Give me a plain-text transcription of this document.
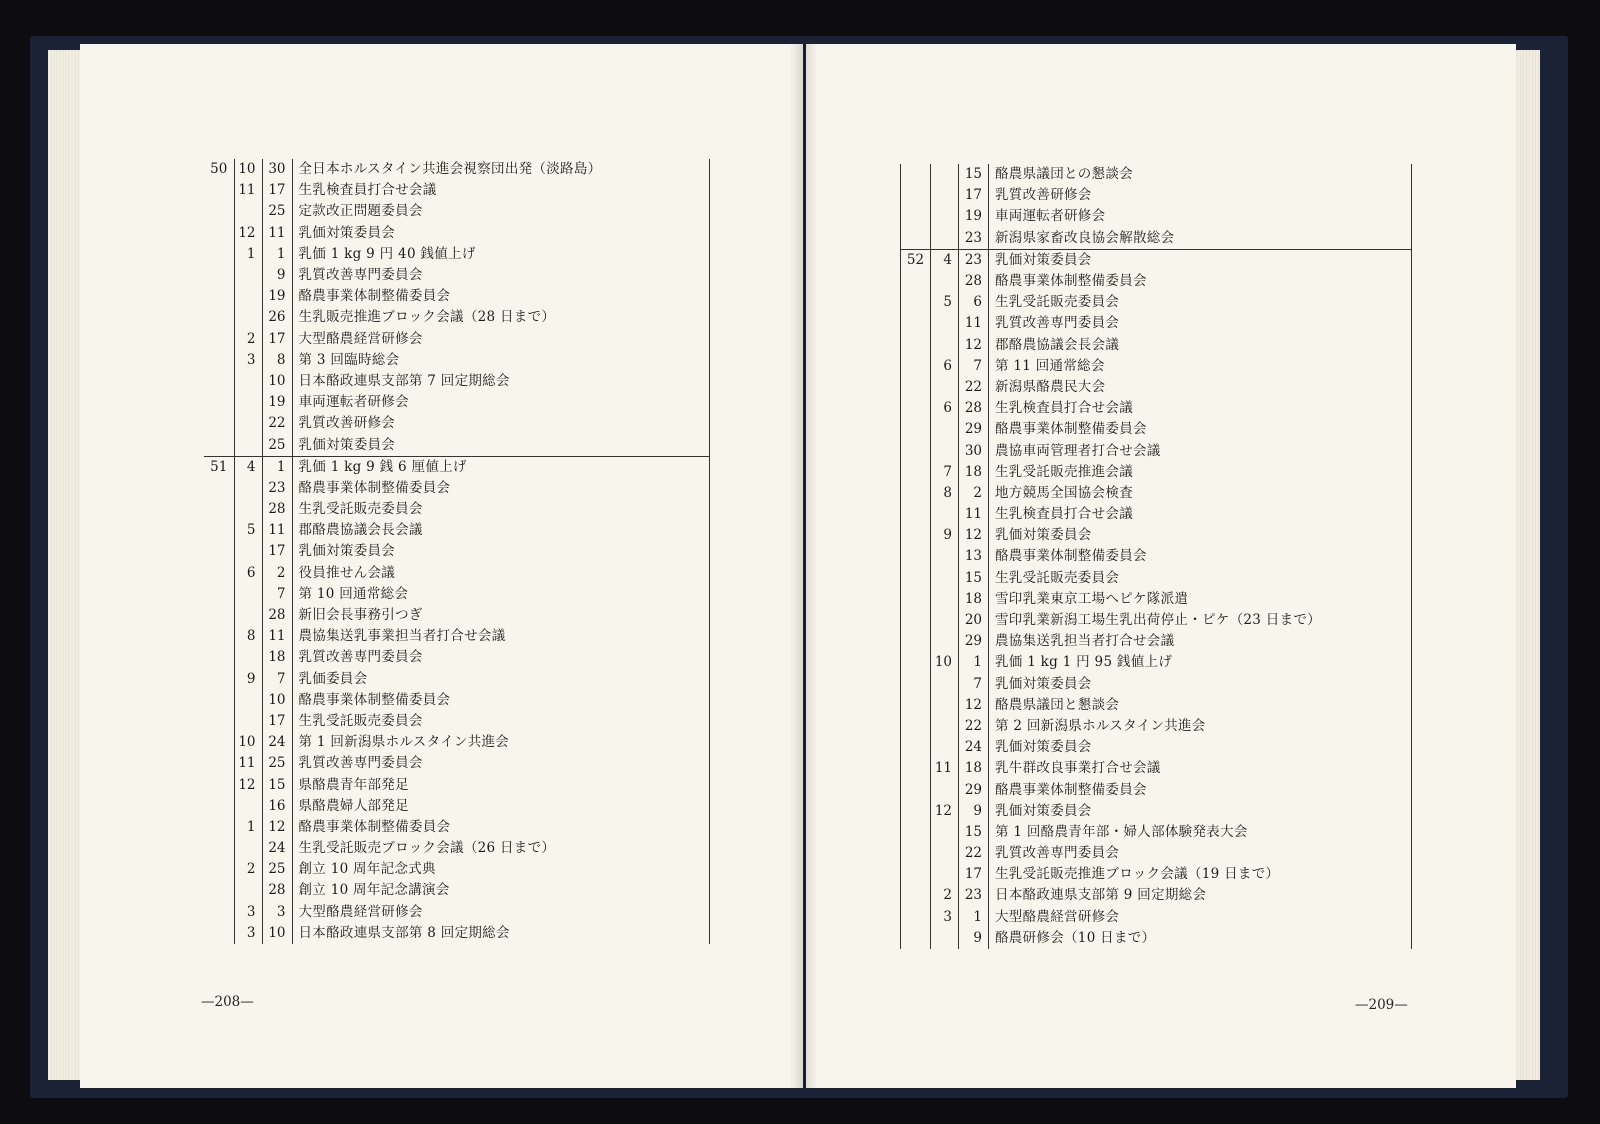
50	10	30	全日本ホルスタイン共進会視察団出発（淡路島）
	11	17	生乳検査員打合せ会議
		25	定款改正問題委員会
	12	11	乳価対策委員会
	1	1	乳価 1 kg 9 円 40 銭値上げ
		9	乳質改善専門委員会
		19	酪農事業体制整備委員会
		26	生乳販売推進ブロック会議（28 日まで）
	2	17	大型酪農経営研修会
	3	8	第 3 回臨時総会
		10	日本酪政連県支部第 7 回定期総会
		19	車両運転者研修会
		22	乳質改善研修会
		25	乳価対策委員会
51	4	1	乳価 1 kg 9 銭 6 厘値上げ
		23	酪農事業体制整備委員会
		28	生乳受託販売委員会
	5	11	郡酪農協議会長会議
		17	乳価対策委員会
	6	2	役員推せん会議
		7	第 10 回通常総会
		28	新旧会長事務引つぎ
	8	11	農協集送乳事業担当者打合せ会議
		18	乳質改善専門委員会
	9	7	乳価委員会
		10	酪農事業体制整備委員会
		17	生乳受託販売委員会
	10	24	第 1 回新潟県ホルスタイン共進会
	11	25	乳質改善専門委員会
	12	15	県酪農青年部発足
		16	県酪農婦人部発足
	1	12	酪農事業体制整備委員会
		24	生乳受託販売ブロック会議（26 日まで）
	2	25	創立 10 周年記念式典
		28	創立 10 周年記念講演会
	3	3	大型酪農経営研修会
	3	10	日本酪政連県支部第 8 回定期総会
		15	酪農県議団との懇談会
		17	乳質改善研修会
		19	車両運転者研修会
		23	新潟県家畜改良協会解散総会
52	4	23	乳価対策委員会
		28	酪農事業体制整備委員会
	5	6	生乳受託販売委員会
		11	乳質改善専門委員会
		12	郡酪農協議会長会議
	6	7	第 11 回通常総会
		22	新潟県酪農民大会
	6	28	生乳検査員打合せ会議
		29	酪農事業体制整備委員会
		30	農協車両管理者打合せ会議
	7	18	生乳受託販売推進会議
	8	2	地方競馬全国協会検査
		11	生乳検査員打合せ会議
	9	12	乳価対策委員会
		13	酪農事業体制整備委員会
		15	生乳受託販売委員会
		18	雪印乳業東京工場へピケ隊派遣
		20	雪印乳業新潟工場生乳出荷停止・ピケ（23 日まで）
		29	農協集送乳担当者打合せ会議
	10	1	乳価 1 kg 1 円 95 銭値上げ
		7	乳価対策委員会
		12	酪農県議団と懇談会
		22	第 2 回新潟県ホルスタイン共進会
		24	乳価対策委員会
	11	18	乳牛群改良事業打合せ会議
		29	酪農事業体制整備委員会
	12	9	乳価対策委員会
		15	第 1 回酪農青年部・婦人部体験発表大会
		22	乳質改善専門委員会
		17	生乳受託販売推進ブロック会議（19 日まで）
	2	23	日本酪政連県支部第 9 回定期総会
	3	1	大型酪農経営研修会
		9	酪農研修会（10 日まで）
—208—	—209—
